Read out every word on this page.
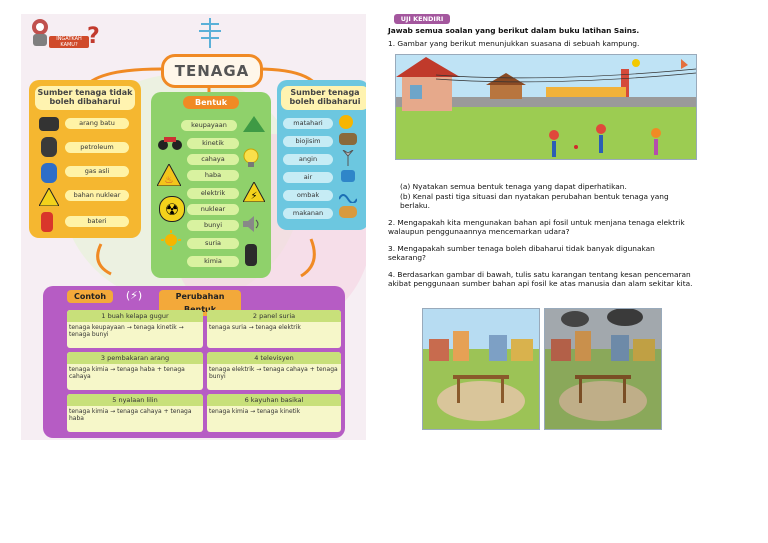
INGATKAH KAMU? ?
TENAGA
Sumber tenaga tidak boleh dibaharui
arang batu
petroleum
gas asli
bahan nuklear
bateri
Bentuk
keupayaan
kinetik
cahaya
♨	haba
elektrik	⚡
☢	nuklear
bunyi
suria
kimia
Sumber tenaga boleh dibaharui
matahari
biojisim
angin
air
ombak
makanan
Contoh	(⚡)	Perubahan
1 buah kelapa gugur
tenaga keupayaan → tenaga kinetik → tenaga bunyi
2 panel suria
tenaga suria → tenaga elektrik
3 pembakaran arang
tenaga kimia → tenaga haba + tenaga cahaya
4 televisyen
tenaga elektrik → tenaga cahaya + tenaga bunyi
5 nyalaan lilin
tenaga kimia → tenaga cahaya + tenaga haba
6 kayuhan basikal
tenaga kimia → tenaga kinetik
UJI KENDIRI
Jawab semua soalan yang berikut dalam buku latihan Sains.
1. Gambar yang berikut menunjukkan suasana di sebuah kampung.
(a) Nyatakan semua bentuk tenaga yang dapat diperhatikan.
(b) Kenal pasti tiga situasi dan nyatakan perubahan bentuk tenaga yang berlaku.
2. Mengapakah kita mengunakan bahan api fosil untuk menjana tenaga elektrik walaupun penggunaannya mencemarkan udara?
3. Mengapakah sumber tenaga boleh dibaharui tidak banyak digunakan sekarang?
4. Berdasarkan gambar di bawah, tulis satu karangan tentang kesan pencemaran akibat penggunaan sumber bahan api fosil ke atas manusia dan alam sekitar kita.
